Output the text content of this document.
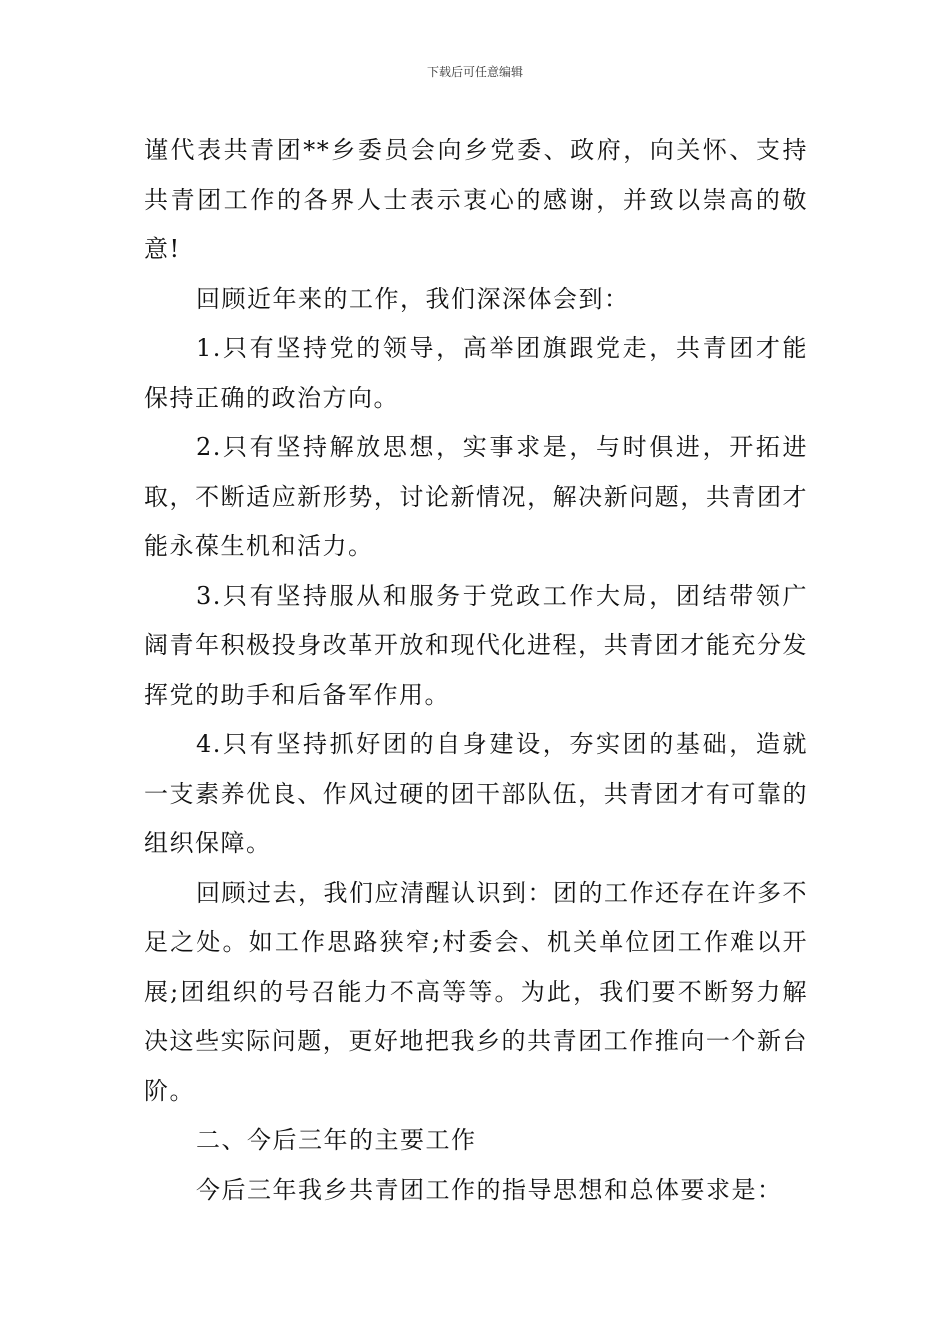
下载后可任意编辑

谨代表共青团**乡委员会向乡党委、政府，向关怀、支持共青团工作的各界人士表示衷心的感谢，并致以崇高的敬意!

回顾近年来的工作，我们深深体会到：

1.只有坚持党的领导，高举团旗跟党走，共青团才能保持正确的政治方向。

2.只有坚持解放思想，实事求是，与时俱进，开拓进取，不断适应新形势，讨论新情况，解决新问题，共青团才能永葆生机和活力。

3.只有坚持服从和服务于党政工作大局，团结带领广阔青年积极投身改革开放和现代化进程，共青团才能充分发挥党的助手和后备军作用。

4.只有坚持抓好团的自身建设，夯实团的基础，造就一支素养优良、作风过硬的团干部队伍，共青团才有可靠的组织保障。

回顾过去，我们应清醒认识到：团的工作还存在许多不足之处。如工作思路狭窄;村委会、机关单位团工作难以开展;团组织的号召能力不高等等。为此，我们要不断努力解决这些实际问题，更好地把我乡的共青团工作推向一个新台阶。

二、今后三年的主要工作

今后三年我乡共青团工作的指导思想和总体要求是：
